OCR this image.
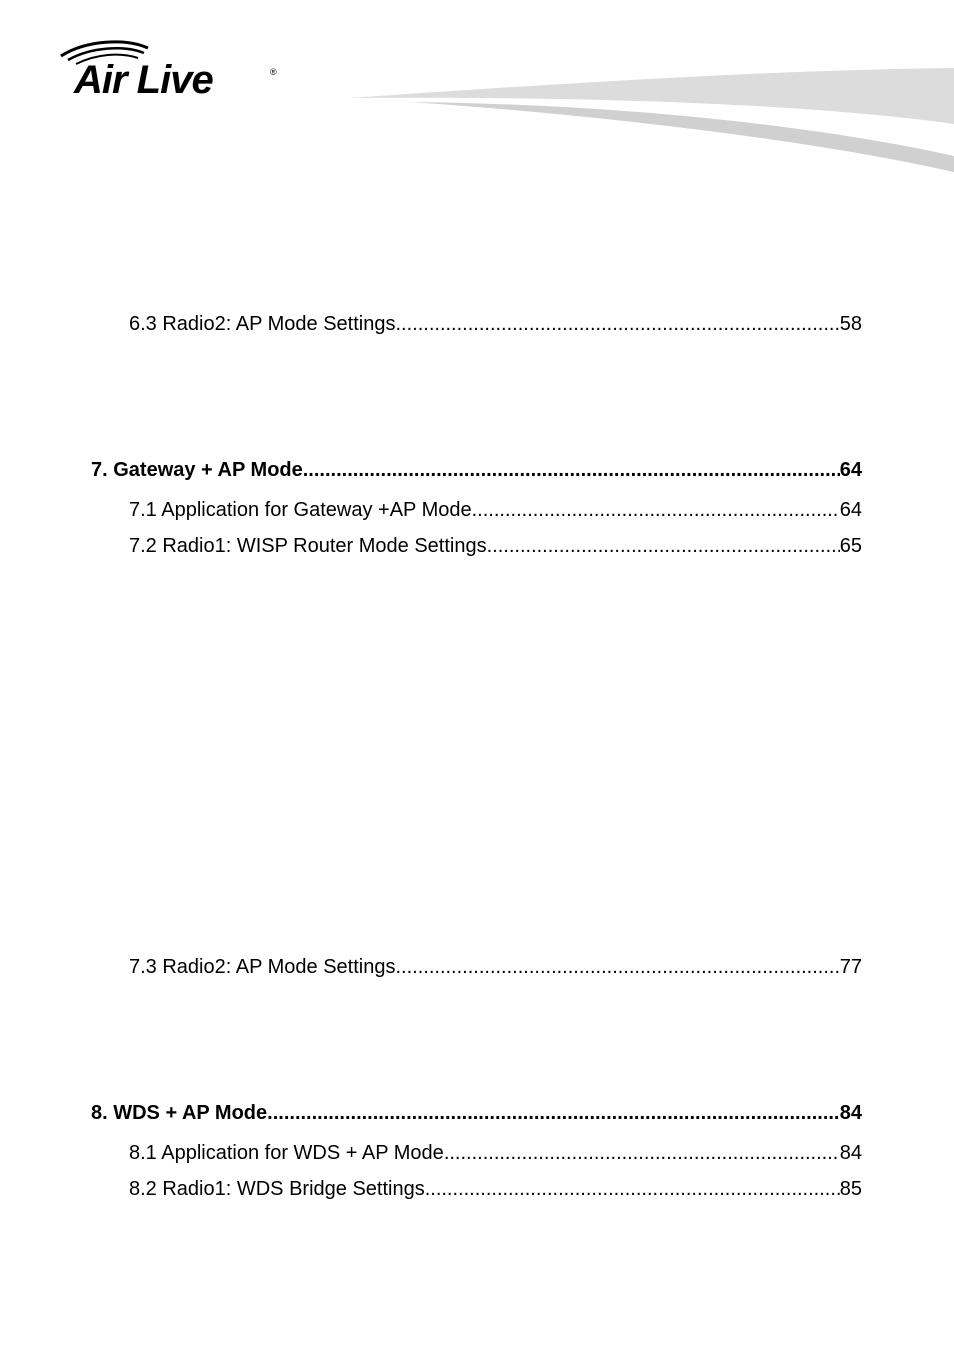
Air Live	®
6.3 Radio2: AP Mode Settings .....	58
7. Gateway + AP Mode .....	64
7.1 Application for Gateway +AP Mode .....	64
7.2 Radio1: WISP Router Mode Settings .....	65
7.3 Radio2: AP Mode Settings .....	77
8. WDS + AP Mode .....	84
8.1 Application for WDS + AP Mode .....	84
8.2 Radio1: WDS Bridge Settings .....	85
